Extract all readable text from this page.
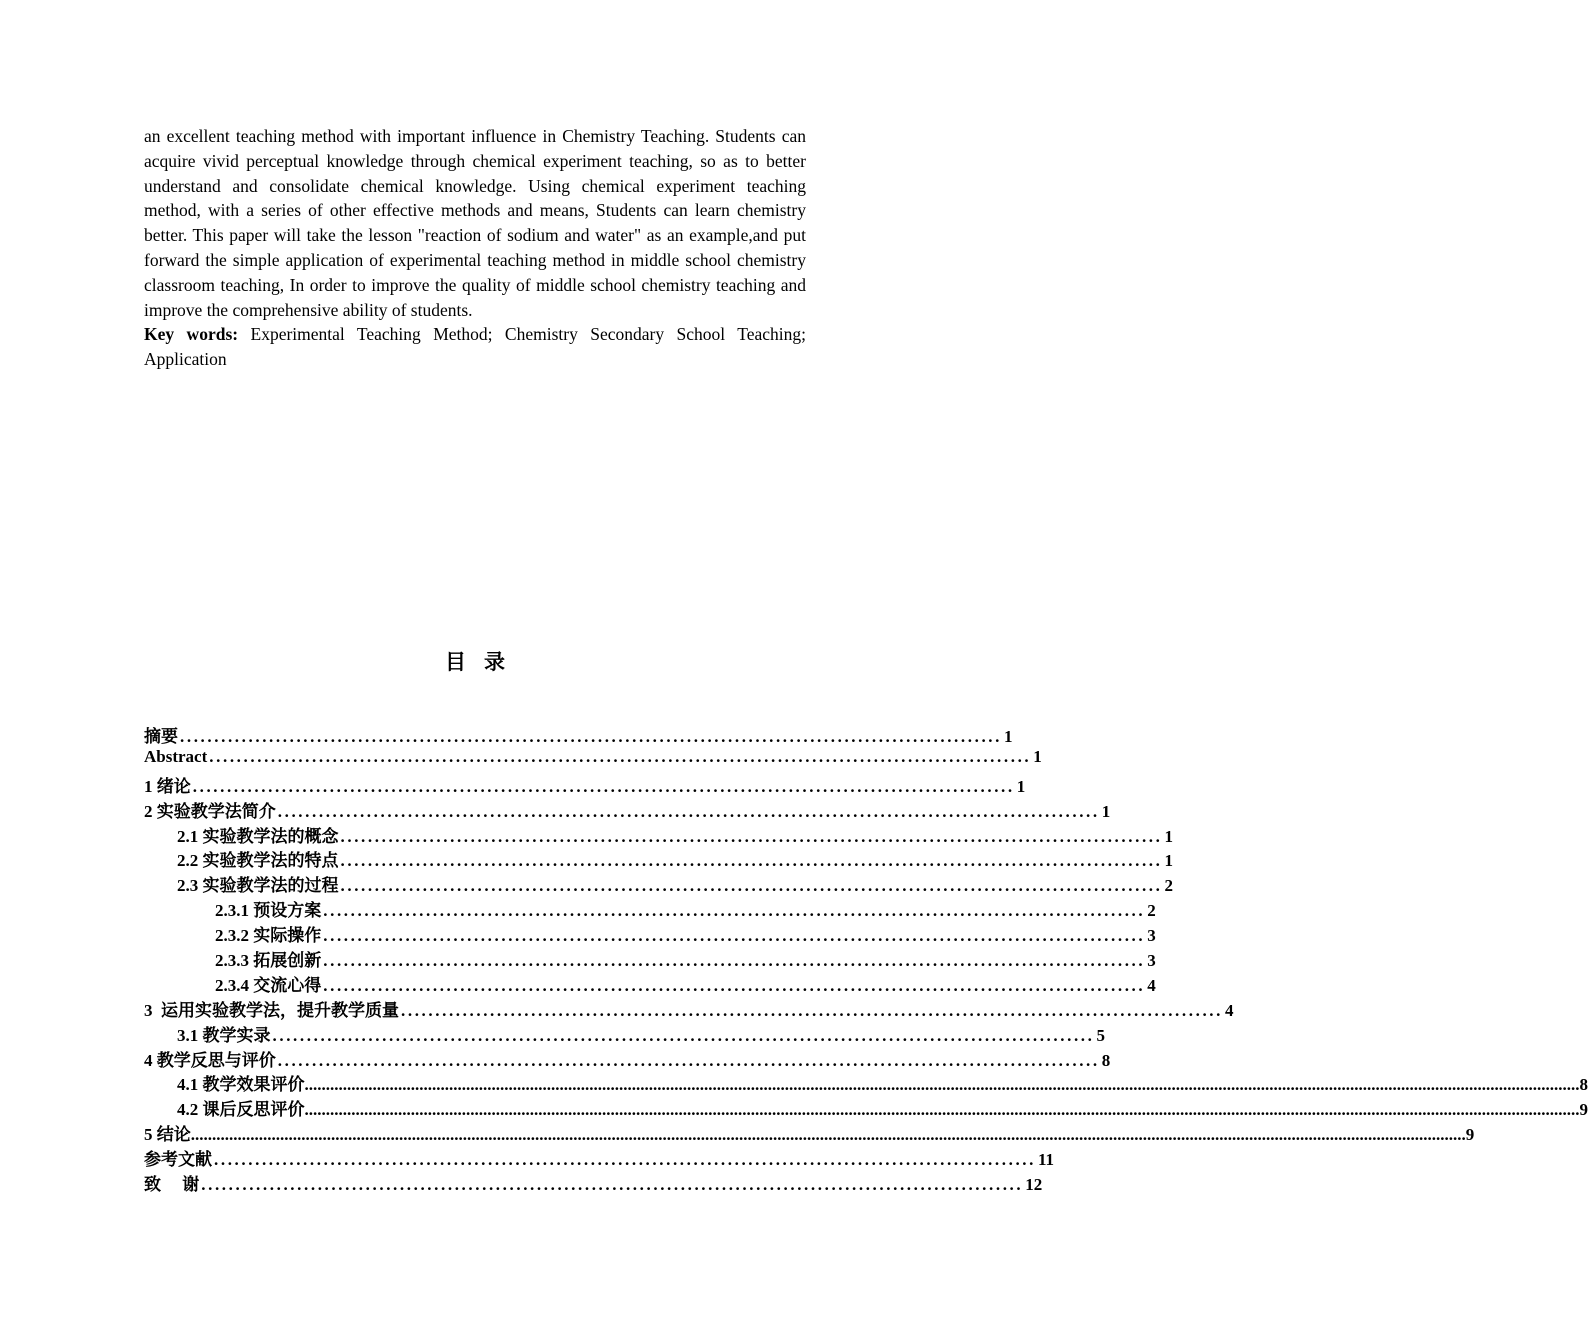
an excellent teaching method with important influence in Chemistry Teaching. Students can acquire vivid perceptual knowledge through chemical experiment teaching, so as to better understand and consolidate chemical knowledge. Using chemical experiment teaching method, with a series of other effective methods and means, Students can learn chemistry better. This paper will take the lesson "reaction of sodium and water" as an example,and put forward the simple application of experimental teaching method in middle school chemistry classroom teaching, In order to improve the quality of middle school chemistry teaching and improve the comprehensive ability of students.

Key words: Experimental Teaching Method; Chemistry Secondary School Teaching; Application

目录
摘要 ........................................................................................................................ 1
Abstract ........................................................................................................................ 1
1 绪论 ........................................................................................................................ 1
2 实验教学法简介 ........................................................................................................................ 1
2.1 实验教学法的概念 ........................................................................................................................ 1
2.2 实验教学法的特点 ........................................................................................................................ 1
2.3 实验教学法的过程 ........................................................................................................................ 2
2.3.1 预设方案 ........................................................................................................................ 2
2.3.2 实际操作 ........................................................................................................................ 3
2.3.3 拓展创新 ........................................................................................................................ 3
2.3.4 交流心得 ........................................................................................................................ 4
3  运用实验教学法，提升教学质量 ........................................................................................................................ 4
3.1 教学实录 ........................................................................................................................ 5
4 教学反思与评价 ........................................................................................................................ 8
4.1 教学效果评价 ............................................................................................................................................................................................................................................................................................................ 8
4.2 课后反思评价 ............................................................................................................................................................................................................................................................................................................ 9
5 结论 ............................................................................................................................................................................................................................................................................................................ 9
参考文献 ........................................................................................................................ 11
致     谢 ........................................................................................................................ 12
